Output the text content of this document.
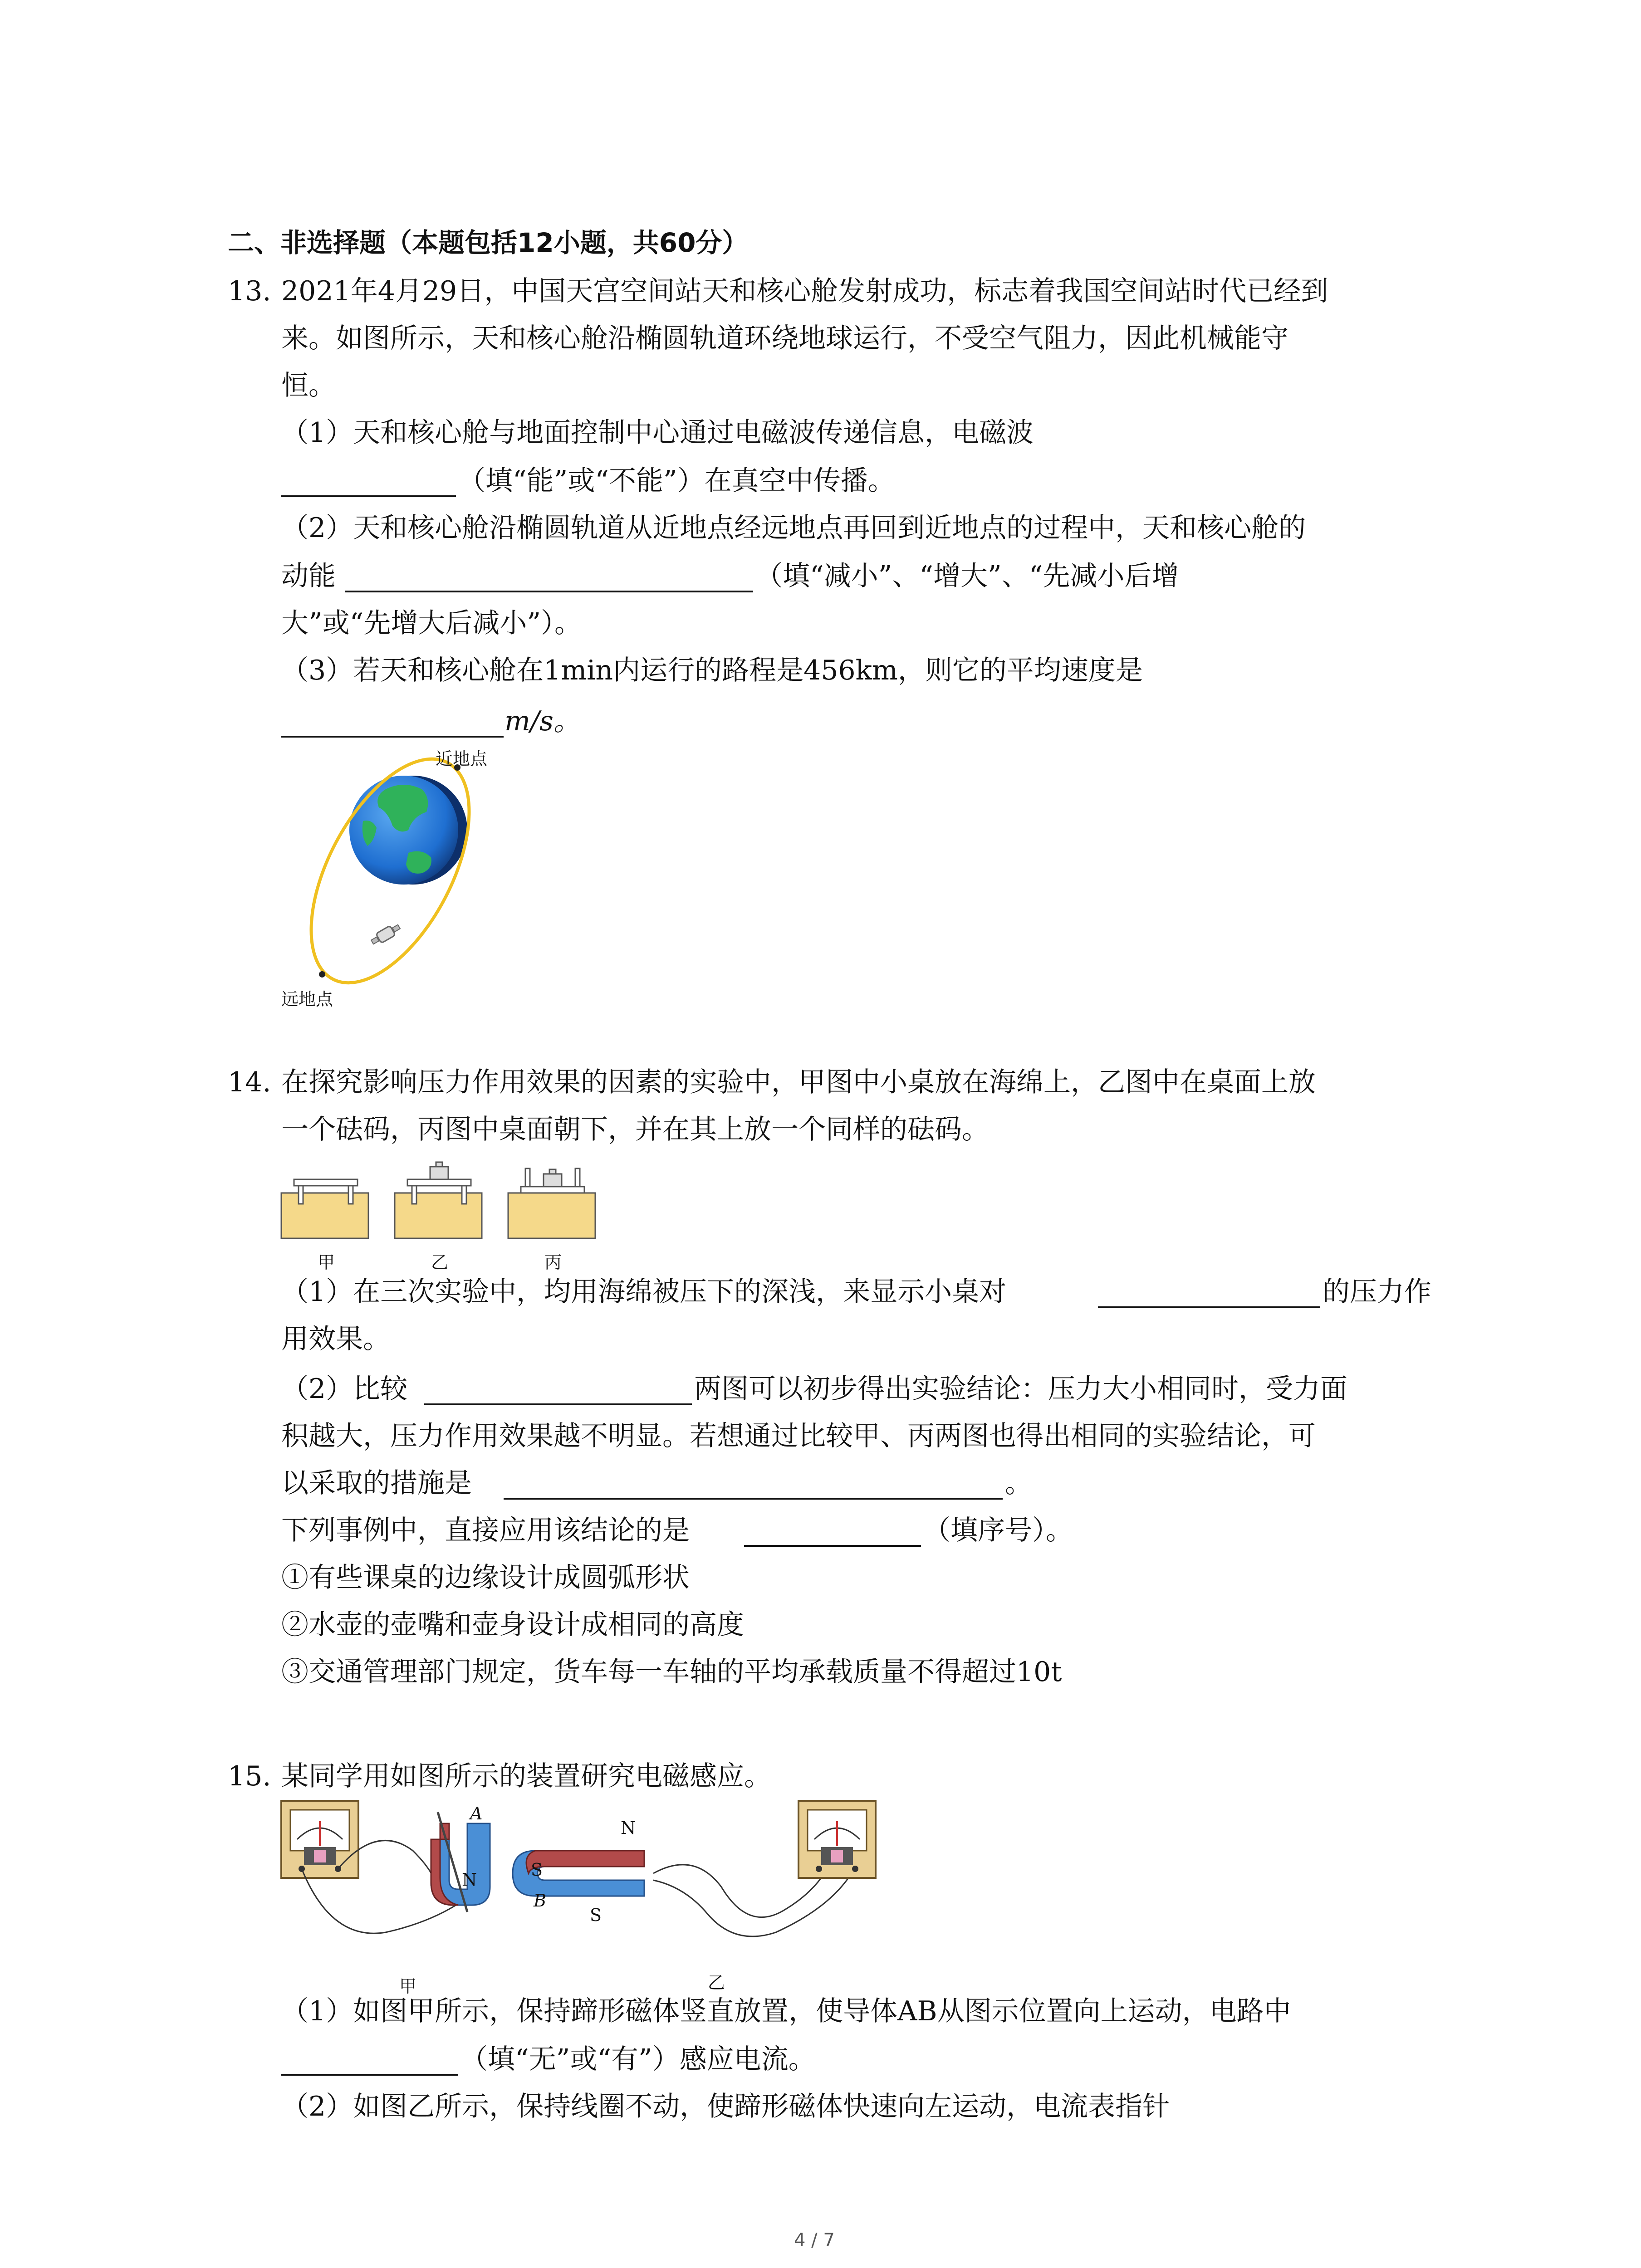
二、非选择题（本题包括12小题，共60分）
13. 2021年4月29日，中国天宫空间站天和核心舱发射成功，标志着我国空间站时代已经到
来。如图所示，天和核心舱沿椭圆轨道环绕地球运行，不受空气阻力，因此机械能守
恒。
（1）天和核心舱与地面控制中心通过电磁波传递信息，电磁波
（填“能”或“不能”）在真空中传播。
（2）天和核心舱沿椭圆轨道从近地点经远地点再回到近地点的过程中，天和核心舱的
动能	（填“减小”、“增大”、“先减小后增
大”或“先增大后减小”）。
（3）若天和核心舱在1min内运行的路程是456km，则它的平均速度是
m/s。
近地点
远地点
14. 在探究影响压力作用效果的因素的实验中，甲图中小桌放在海绵上，乙图中在桌面上放
一个砝码，丙图中桌面朝下，并在其上放一个同样的砝码。
甲	乙	丙
（1）在三次实验中，均用海绵被压下的深浅，来显示小桌对	的压力作
用效果。
（2）比较	两图可以初步得出实验结论：压力大小相同时，受力面
积越大，压力作用效果越不明显。若想通过比较甲、丙两图也得出相同的实验结论，可
以采取的措施是	。
下列事例中，直接应用该结论的是	（填序号）。
①有些课桌的边缘设计成圆弧形状
②水壶的壶嘴和壶身设计成相同的高度
③交通管理部门规定，货车每一车轴的平均承载质量不得超过10t
15. 某同学用如图所示的装置研究电磁感应。
A
B
N	S
N
S
甲	乙
（1）如图甲所示，保持蹄形磁体竖直放置，使导体AB从图示位置向上运动，电路中
（填“无”或“有”）感应电流。
（2）如图乙所示，保持线圈不动，使蹄形磁体快速向左运动，电流表指针
4 / 7
